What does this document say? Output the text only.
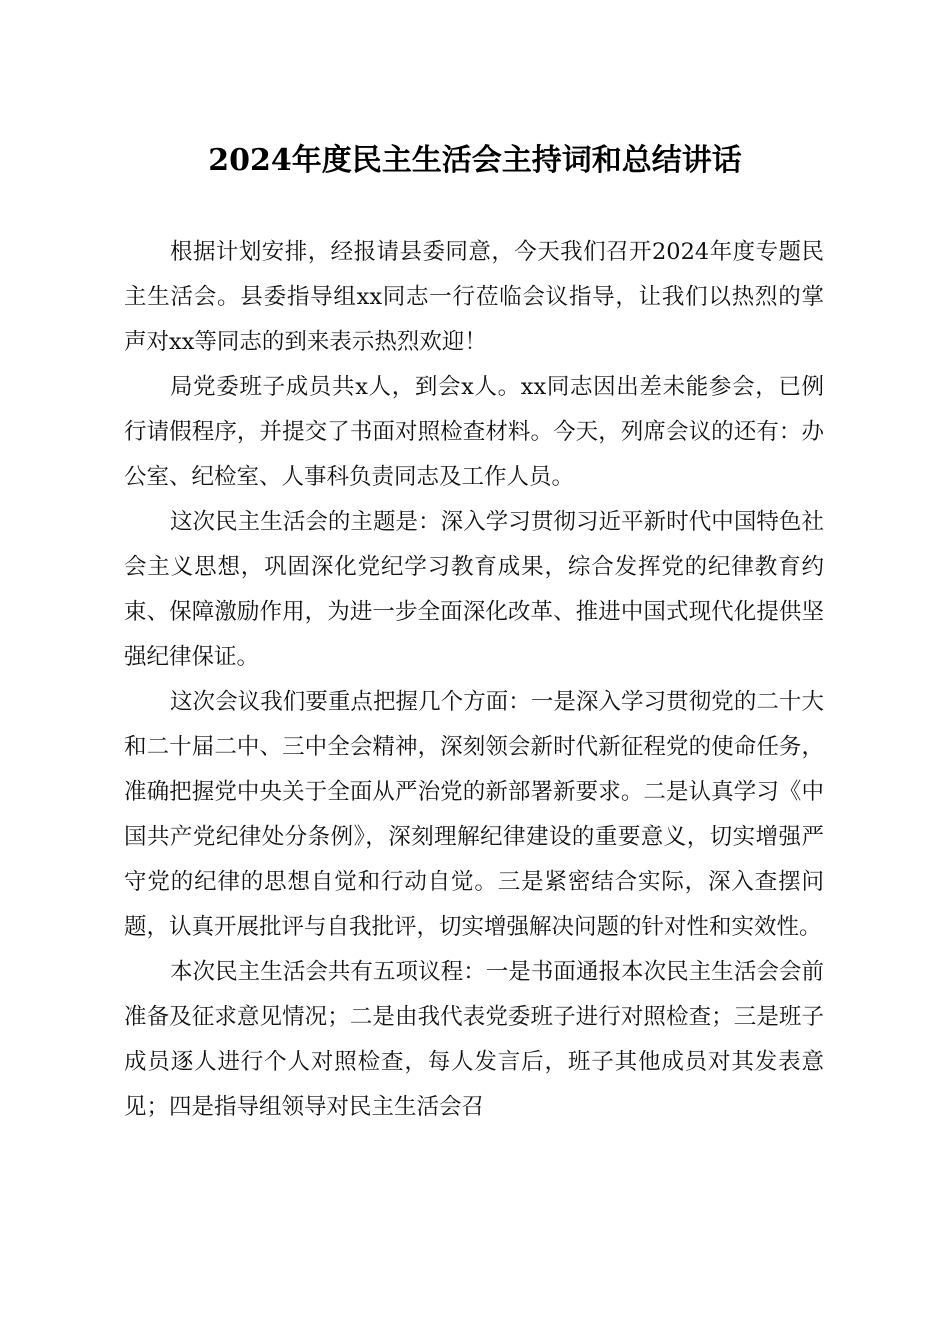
2024年度民主生活会主持词和总结讲话

根据计划安排，经报请县委同意，今天我们召开2024年度专题民主生活会。县委指导组xx同志一行莅临会议指导，让我们以热烈的掌声对xx等同志的到来表示热烈欢迎！

局党委班子成员共x人，到会x人。xx同志因出差未能参会，已例行请假程序，并提交了书面对照检查材料。今天，列席会议的还有：办公室、纪检室、人事科负责同志及工作人员。

这次民主生活会的主题是：深入学习贯彻习近平新时代中国特色社会主义思想，巩固深化党纪学习教育成果，综合发挥党的纪律教育约束、保障激励作用，为进一步全面深化改革、推进中国式现代化提供坚强纪律保证。

这次会议我们要重点把握几个方面：一是深入学习贯彻党的二十大和二十届二中、三中全会精神，深刻领会新时代新征程党的使命任务，准确把握党中央关于全面从严治党的新部署新要求。二是认真学习《中国共产党纪律处分条例》，深刻理解纪律建设的重要意义，切实增强严守党的纪律的思想自觉和行动自觉。三是紧密结合实际，深入查摆问题，认真开展批评与自我批评，切实增强解决问题的针对性和实效性。

本次民主生活会共有五项议程：一是书面通报本次民主生活会会前准备及征求意见情况；二是由我代表党委班子进行对照检查；三是班子成员逐人进行个人对照检查，每人发言后，班子其他成员对其发表意见；四是指导组领导对民主生活会召
